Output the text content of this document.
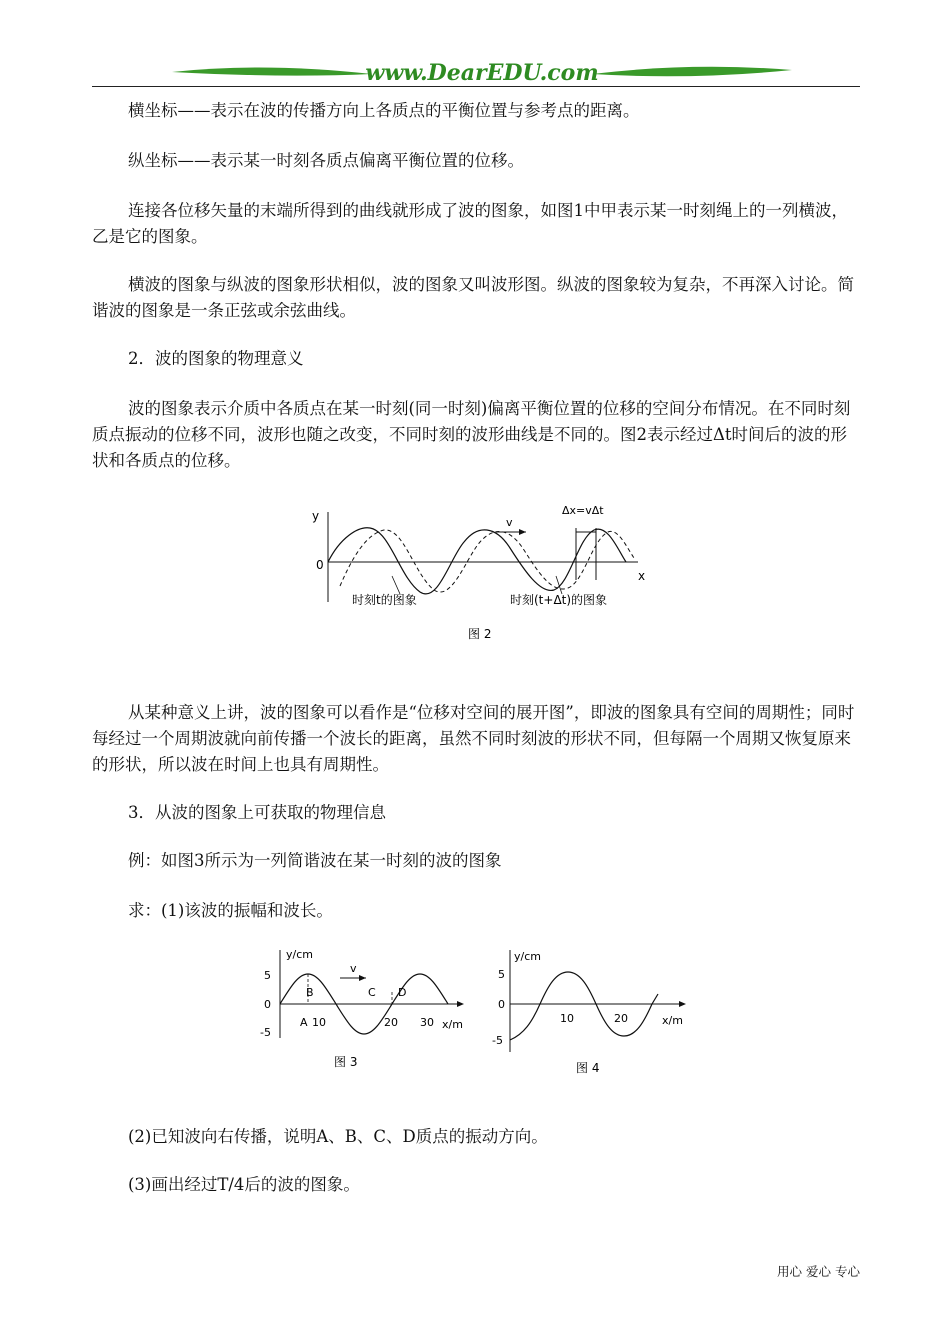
www.DearEDU.com

横坐标——表示在波的传播方向上各质点的平衡位置与参考点的距离。

纵坐标——表示某一时刻各质点偏离平衡位置的位移。

连接各位移矢量的末端所得到的曲线就形成了波的图象，如图1中甲表示某一时刻绳上的一列横波，乙是它的图象。

横波的图象与纵波的图象形状相似，波的图象又叫波形图。纵波的图象较为复杂，不再深入讨论。简谐波的图象是一条正弦或余弦曲线。

2．波的图象的物理意义

波的图象表示介质中各质点在某一时刻(同一时刻)偏离平衡位置的位移的空间分布情况。在不同时刻质点振动的位移不同，波形也随之改变，不同时刻的波形曲线是不同的。图2表示经过Δt时间后的波的形状和各质点的位移。

y
0
x
Δx=vΔt
v
时刻t的图象	时刻(t+Δt)的图象
图 2

从某种意义上讲，波的图象可以看作是“位移对空间的展开图”，即波的图象具有空间的周期性；同时每经过一个周期波就向前传播一个波长的距离，虽然不同时刻波的形状不同，但每隔一个周期又恢复原来的形状，所以波在时间上也具有周期性。

3．从波的图象上可获取的物理信息

例：如图3所示为一列简谐波在某一时刻的波的图象

求：(1)该波的振幅和波长。

y/cm
5
0
-5
A
B	C D
10	20 30 x/m
v
图 3
y/cm
5
0
-5
10	20	x/m
图 4

(2)已知波向右传播，说明A、B、C、D质点的振动方向。

(3)画出经过T/4后的波的图象。

用心 爱心 专心
